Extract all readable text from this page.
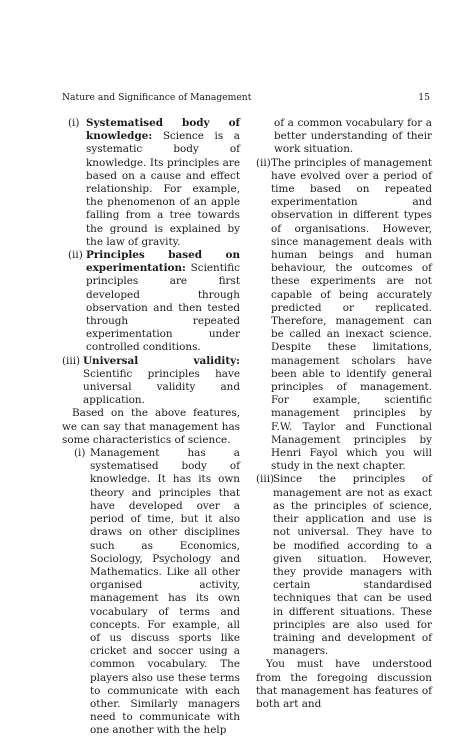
Nature and Significance of Management	15
(i) Systematised body of knowledge: Science is a systematic body of knowledge. Its principles are based on a cause and effect relationship. For example, the phenomenon of an apple falling from a tree towards the ground is explained by the law of gravity.
(ii) Principles based on experimentation: Scientific principles are first developed through observation and then tested through repeated experimentation under controlled conditions.
(iii) Universal validity: Scientific principles have universal validity and application.

Based on the above features, we can say that management has some characteristics of science.

(i) Management has a systematised body of knowledge. It has its own theory and principles that have developed over a period of time, but it also draws on other disciplines such as Economics, Sociology, Psychology and Mathematics. Like all other organised activity, management has its own vocabulary of terms and concepts. For example, all of us discuss sports like cricket and soccer using a common vocabulary. The players also use these terms to communicate with each other. Similarly managers need to communicate with one another with the help

of a common vocabulary for a better understanding of their work situation.

(ii) The principles of management have evolved over a period of time based on repeated experimentation and observation in different types of organisations. However, since management deals with human beings and human behaviour, the outcomes of these experiments are not capable of being accurately predicted or replicated. Therefore, management can be called an inexact science. Despite these limitations, management scholars have been able to identify general principles of management. For example, scientific management principles by F.W. Taylor and Functional Management principles by Henri Fayol which you will study in the next chapter.
(iii)
Since the principles of management are not as exact as the principles of science, their application and use is not universal. They have to be modified according to a given situation. However, they provide managers with certain standardised techniques that can be used in different situations. These principles are also used for training and development of managers.

You must have understood from the foregoing discussion that management has features of both art and
